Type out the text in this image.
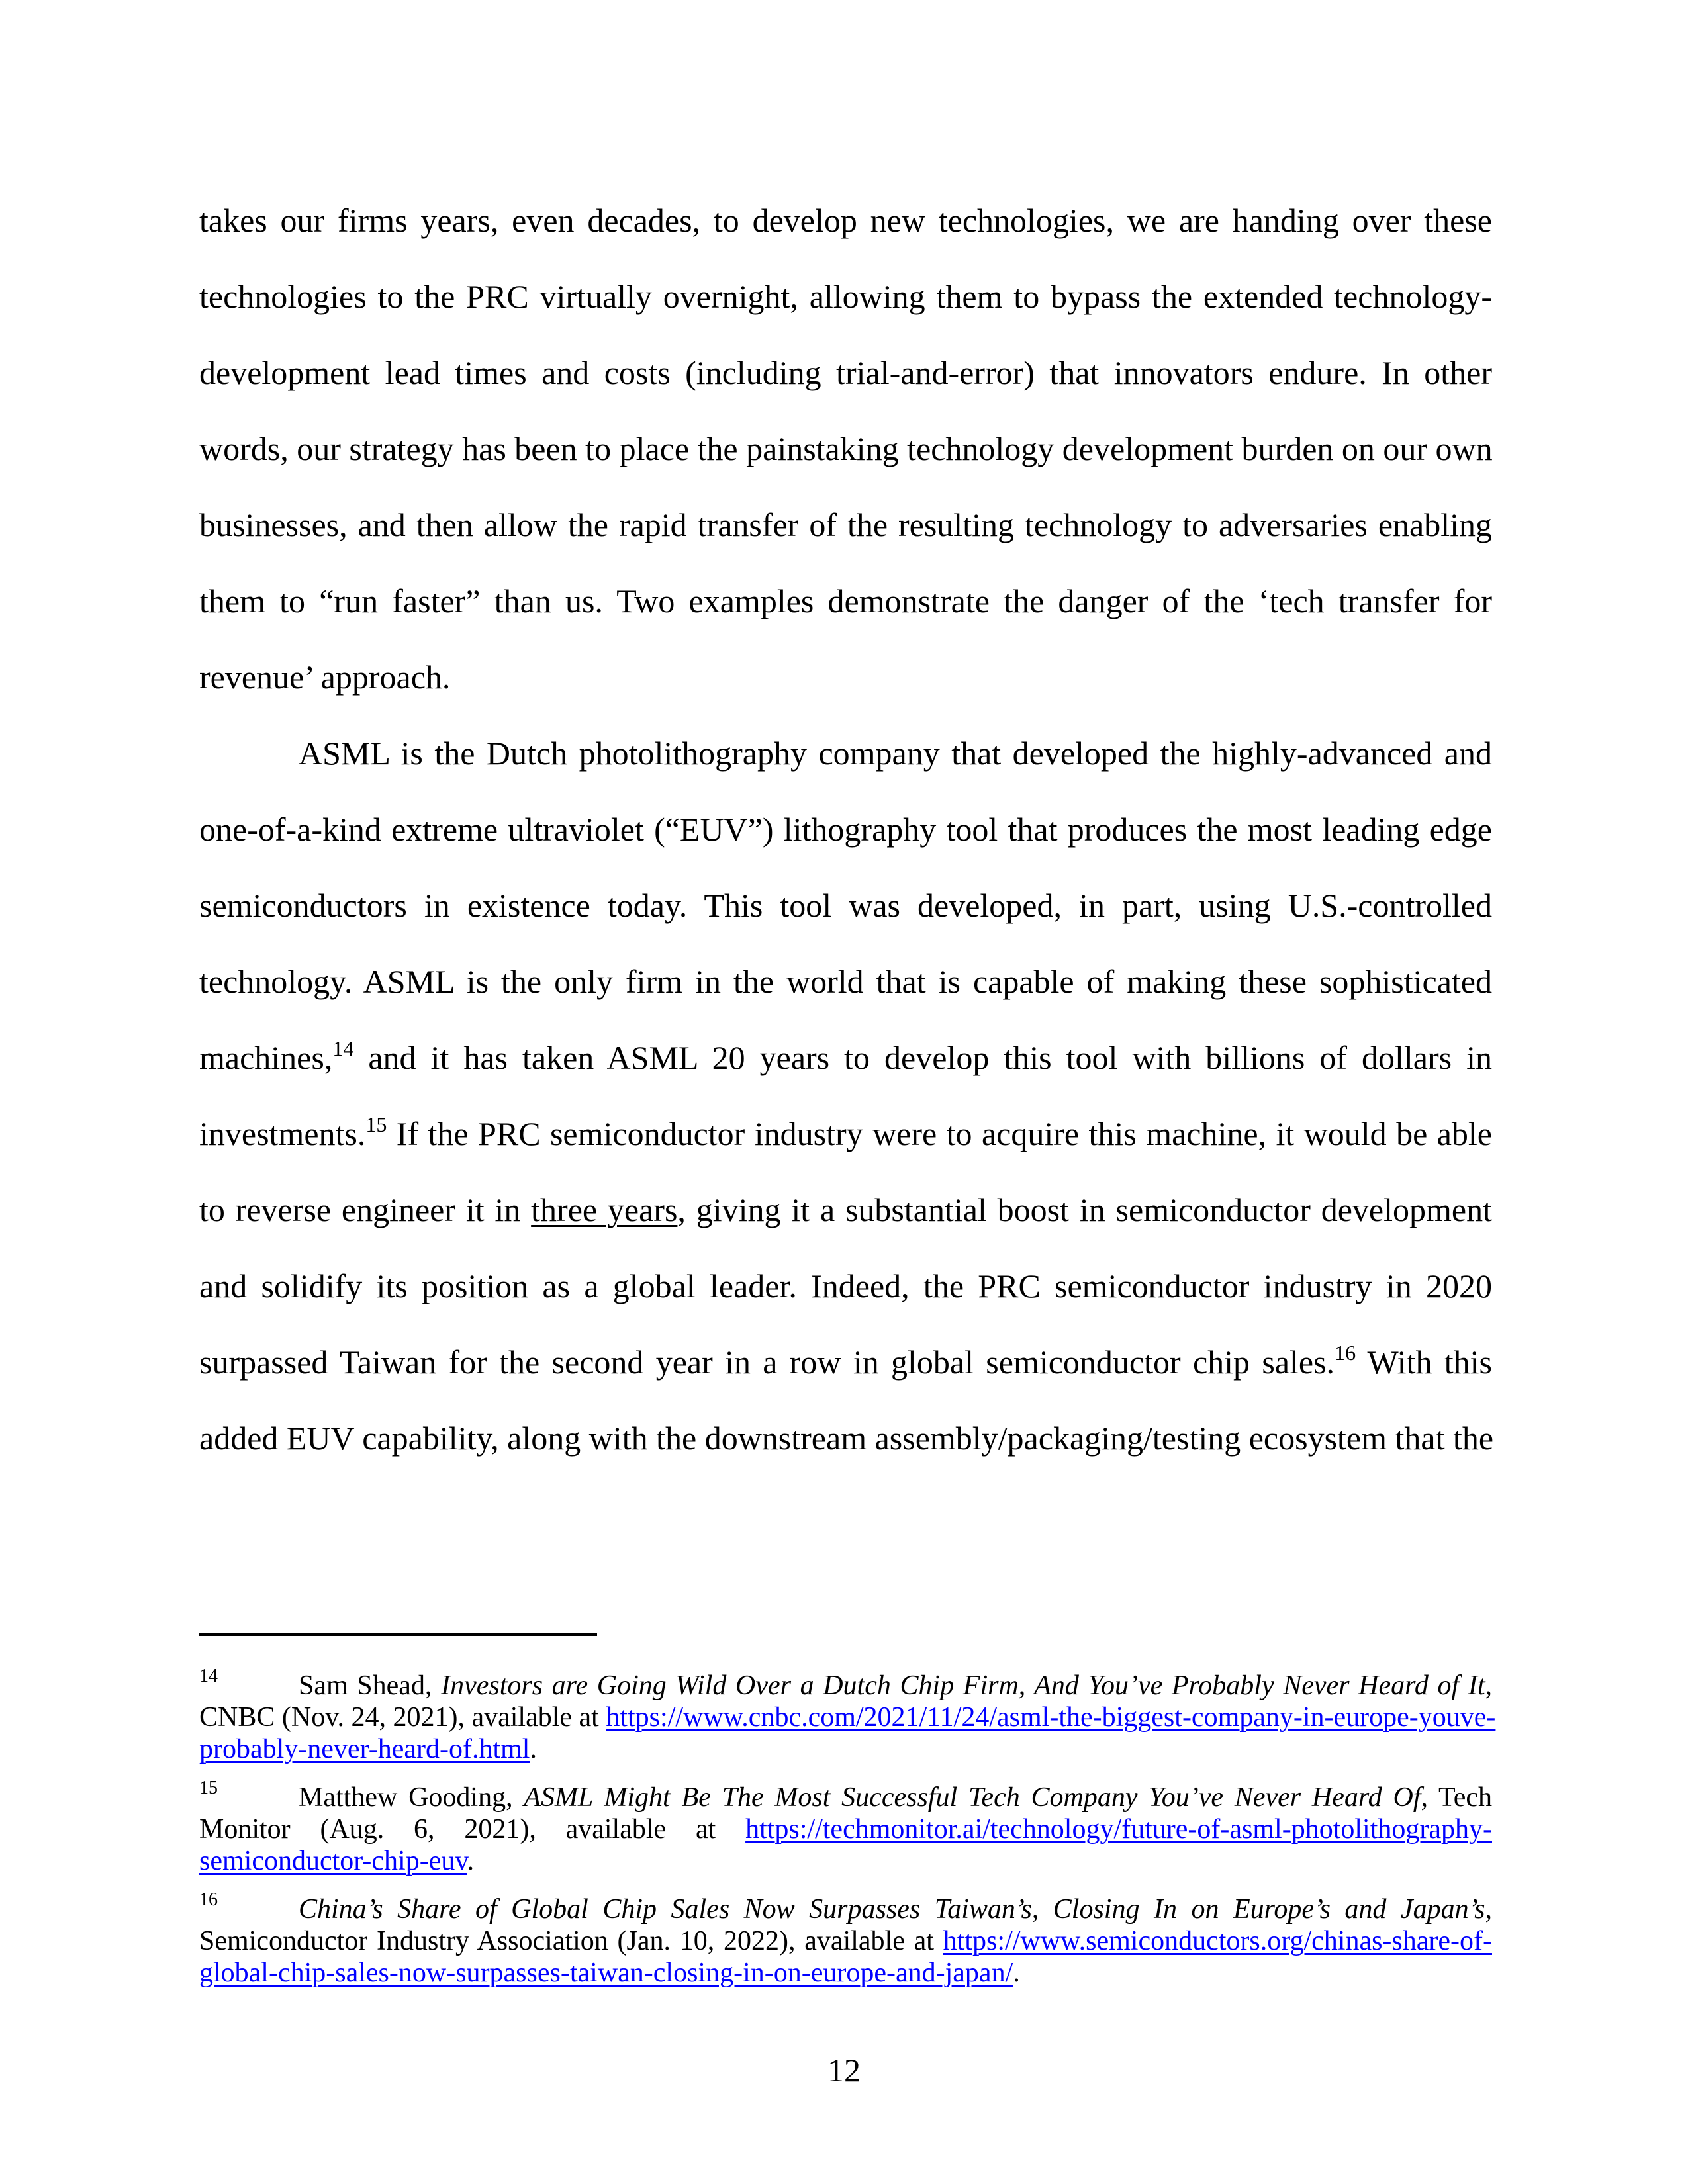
takes our firms years, even decades, to develop new technologies, we are handing over these
technologies to the PRC virtually overnight, allowing them to bypass the extended technology-
development lead times and costs (including trial-and-error) that innovators endure. In other
words, our strategy has been to place the painstaking technology development burden on our own
businesses, and then allow the rapid transfer of the resulting technology to adversaries enabling
them to “run faster” than us. Two examples demonstrate the danger of the ‘tech transfer for
revenue’ approach.
ASML is the Dutch photolithography company that developed the highly-advanced and
one-of-a-kind extreme ultraviolet (“EUV”) lithography tool that produces the most leading edge
semiconductors in existence today. This tool was developed, in part, using U.S.-controlled
technology. ASML is the only firm in the world that is capable of making these sophisticated
machines,$^{14}$ and it has taken ASML 20 years to develop this tool with billions of dollars in
investments.$^{15}$ If the PRC semiconductor industry were to acquire this machine, it would be able
to reverse engineer it in three years, giving it a substantial boost in semiconductor development
and solidify its position as a global leader. Indeed, the PRC semiconductor industry in 2020
surpassed Taiwan for the second year in a row in global semiconductor chip sales.$^{16}$ With this
added EUV capability, along with the downstream assembly/packaging/testing ecosystem that the
14	Sam Shead, Investors are Going Wild Over a Dutch Chip Firm, And You’ve Probably Never Heard of It,
CNBC (Nov. 24, 2021), available at https://www.cnbc.com/2021/11/24/asml-the-biggest-company-in-europe-youve-
probably-never-heard-of.html.
15	Matthew Gooding, ASML Might Be The Most Successful Tech Company You’ve Never Heard Of, Tech
Monitor (Aug. 6, 2021), available at https://techmonitor.ai/technology/future-of-asml-photolithography-
semiconductor-chip-euv.
16	China’s Share of Global Chip Sales Now Surpasses Taiwan’s, Closing In on Europe’s and Japan’s,
Semiconductor Industry Association (Jan. 10, 2022), available at https://www.semiconductors.org/chinas-share-of-
global-chip-sales-now-surpasses-taiwan-closing-in-on-europe-and-japan/.
12
